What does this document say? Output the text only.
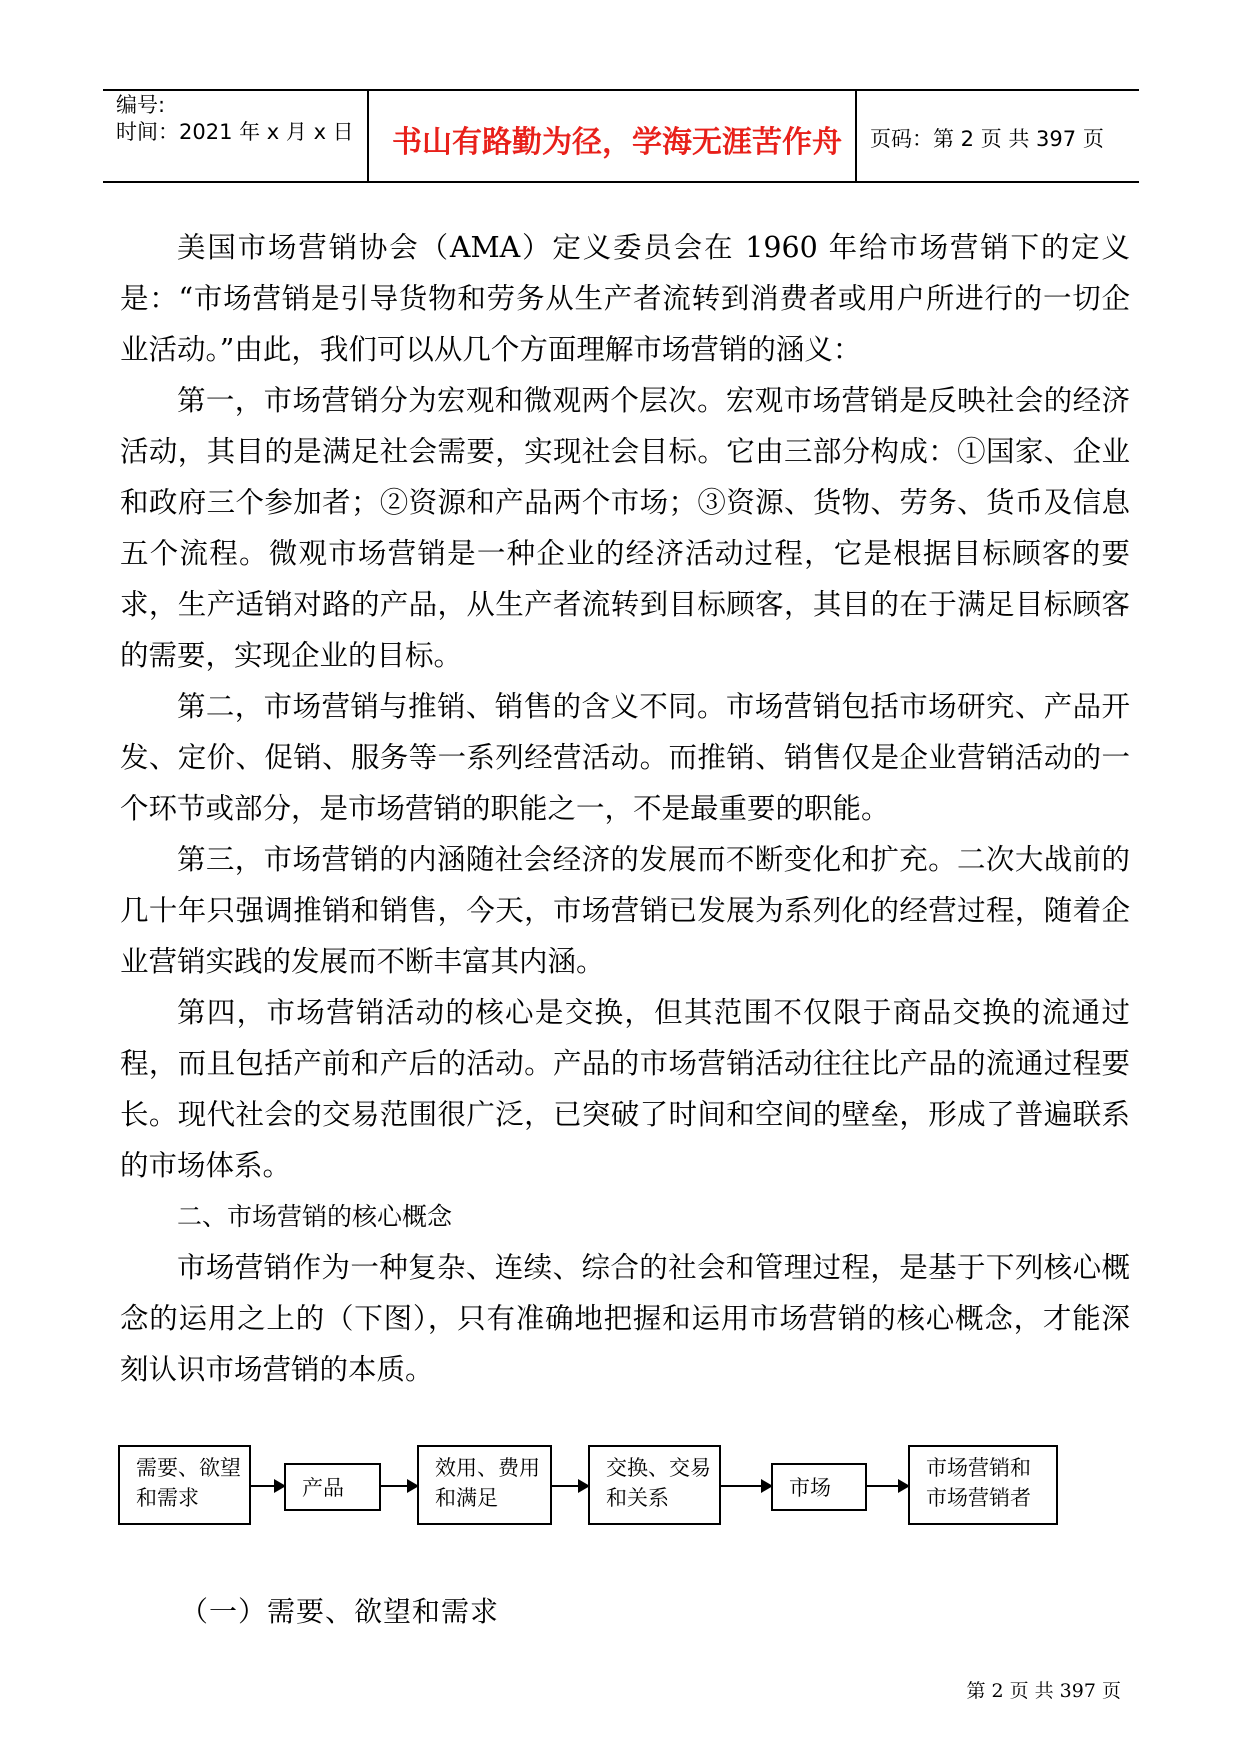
编号:
时间：2021 年 x 月 x 日 书山有路勤为径，学海无涯苦作舟 页码：第 2 页 共 397 页

美国市场营销协会（AMA）定义委员会在 1960 年给市场营销下的定义是：“市场营销是引导货物和劳务从生产者流转到消费者或用户所进行的一切企业活动。”由此，我们可以从几个方面理解市场营销的涵义：

第一，市场营销分为宏观和微观两个层次。宏观市场营销是反映社会的经济活动，其目的是满足社会需要，实现社会目标。它由三部分构成：①国家、企业和政府三个参加者；②资源和产品两个市场；③资源、货物、劳务、货币及信息五个流程。微观市场营销是一种企业的经济活动过程，它是根据目标顾客的要求，生产适销对路的产品，从生产者流转到目标顾客，其目的在于满足目标顾客的需要，实现企业的目标。

第二，市场营销与推销、销售的含义不同。市场营销包括市场研究、产品开发、定价、促销、服务等一系列经营活动。而推销、销售仅是企业营销活动的一个环节或部分，是市场营销的职能之一，不是最重要的职能。

第三，市场营销的内涵随社会经济的发展而不断变化和扩充。二次大战前的几十年只强调推销和销售，今天，市场营销已发展为系列化的经营过程，随着企业营销实践的发展而不断丰富其内涵。

第四，市场营销活动的核心是交换，但其范围不仅限于商品交换的流通过程，而且包括产前和产后的活动。产品的市场营销活动往往比产品的流通过程要长。现代社会的交易范围很广泛，已突破了时间和空间的壁垒，形成了普遍联系的市场体系。

二、市场营销的核心概念

市场营销作为一种复杂、连续、综合的社会和管理过程，是基于下列核心概念的运用之上的（下图），只有准确地把握和运用市场营销的核心概念，才能深刻认识市场营销的本质。

需要、欲望
和需求	产品
效用、费用
和满足
交换、交易
和关系	市场
市场营销和
市场营销者
（一）需要、欲望和需求
第 2 页 共 397 页
